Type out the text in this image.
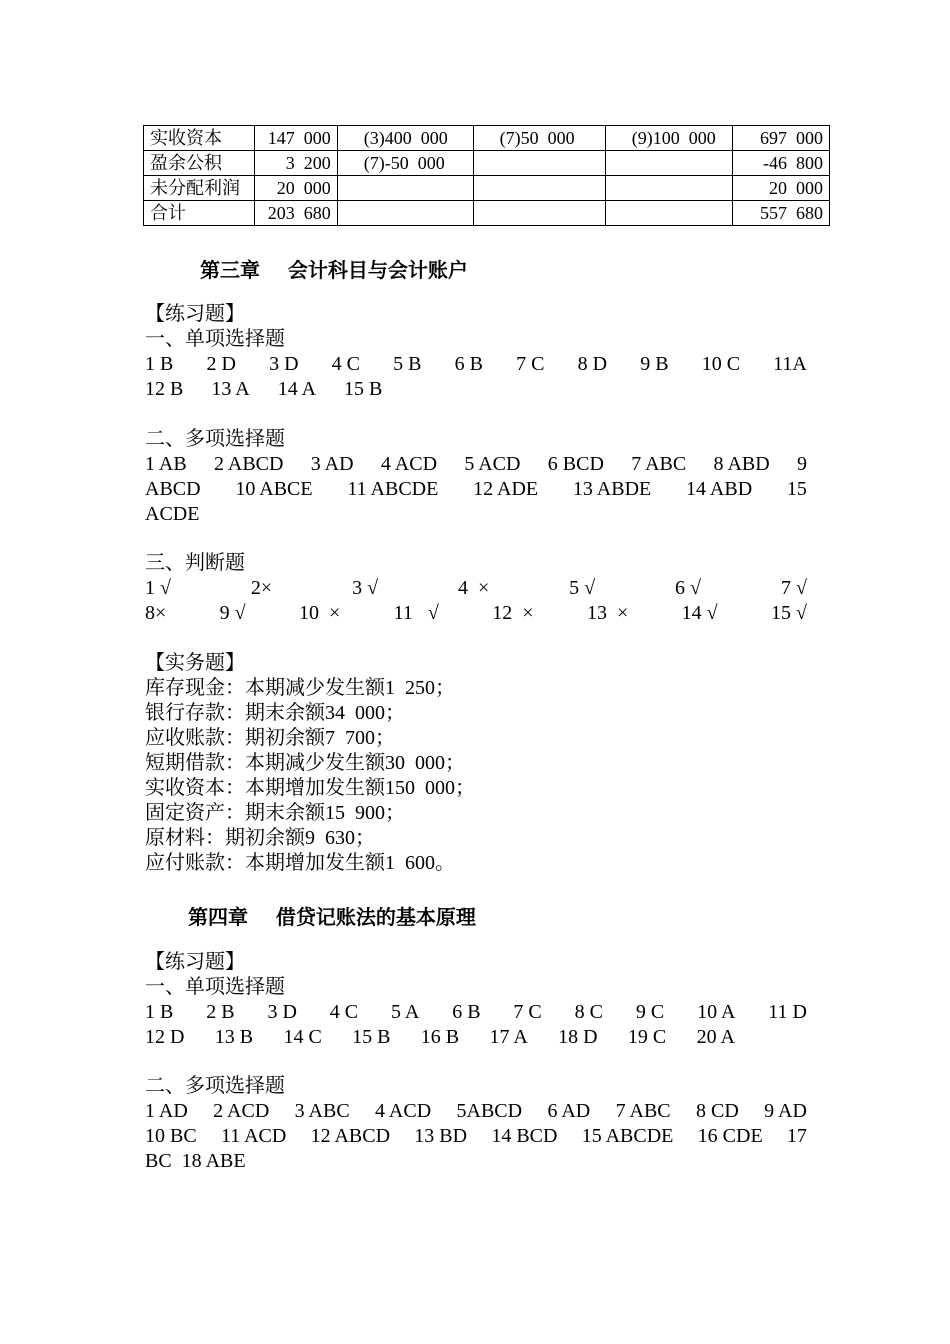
实收资本	147  000	(3)400  000	(7)50  000	(9)100  000	697  000
盈余公积	3  200	(7)-50  000			-46  800
未分配利润	20  000				20  000
合计	203  680				557  680
第三章    会计科目与会计账户
【练习题】
一、单项选择题
1 B 2 D 3 D 4 C 5 B 6 B 7 C 8 D 9 B 10 C 11A
12 B 13 A 14 A 15 B
二、多项选择题
1 AB 2 ABCD 3 AD 4 ACD 5 ACD 6 BCD 7 ABC 8 ABD 9
ABCD 10 ABCE 11 ABCDE 12 ADE 13 ABDE 14 ABD 15
ACDE
三、判断题
1 √	2×	3 √	4  ×	5 √	6 √	7 √
8×	9 √	10  ×	11   √	12  ×	13  ×	14 √	15 √
【实务题】
库存现金：本期减少发生额1  250；
银行存款：期末余额34  000；
应收账款：期初余额7  700；
短期借款：本期减少发生额30  000；
实收资本：本期增加发生额150  000；
固定资产：期末余额15  900；
原材料：期初余额9  630；
应付账款：本期增加发生额1  600。
第四章    借贷记账法的基本原理
【练习题】
一、单项选择题
1 B 2 B 3 D 4 C 5 A 6 B 7 C 8 C 9 C 10 A 11 D
12 D 13 B 14 C 15 B 16 B 17 A 18 D 19 C 20 A
二、多项选择题
1 AD 2 ACD 3 ABC 4 ACD 5ABCD 6 AD 7 ABC 8 CD 9 AD
10 BC 11 ACD 12 ABCD 13 BD 14 BCD 15 ABCDE 16 CDE 17
BC  18 ABE
